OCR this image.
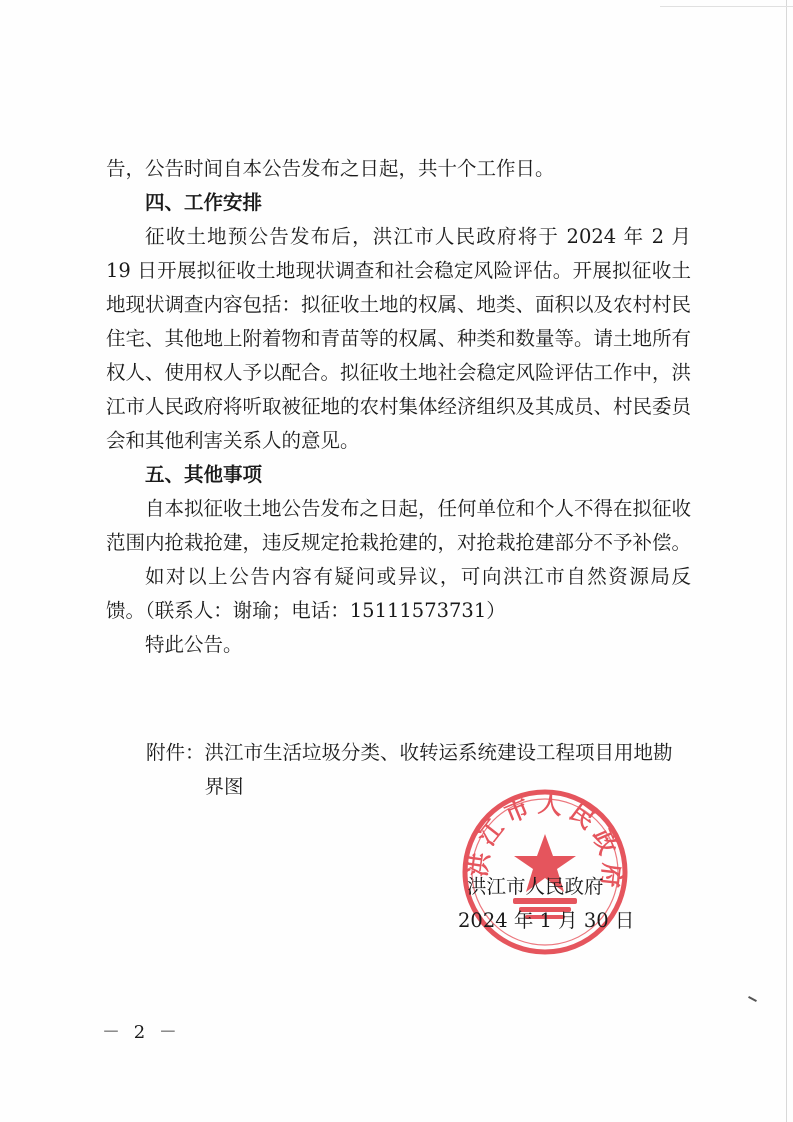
告，公告时间自本公告发布之日起，共十个工作日。

四、工作安排

征收土地预公告发布后，洪江市人民政府将于 2024 年 2 月 19 日开展拟征收土地现状调查和社会稳定风险评估。开展拟征收土地现状调查内容包括：拟征收土地的权属、地类、面积以及农村村民住宅、其他地上附着物和青苗等的权属、种类和数量等。请土地所有权人、使用权人予以配合。拟征收土地社会稳定风险评估工作中，洪江市人民政府将听取被征地的农村集体经济组织及其成员、村民委员会和其他利害关系人的意见。

五、其他事项

自本拟征收土地公告发布之日起，任何单位和个人不得在拟征收范围内抢栽抢建，违反规定抢栽抢建的，对抢栽抢建部分不予补偿。

如对以上公告内容有疑问或异议，可向洪江市自然资源局反馈。（联系人：谢瑜；电话：15111573731）

特此公告。

附件： 洪江市生活垃圾分类、收转运系统建设工程项目用地勘界图
洪江市人民政府
洪江市人民政府
2024 年 1 月 30 日
－ 2 －
